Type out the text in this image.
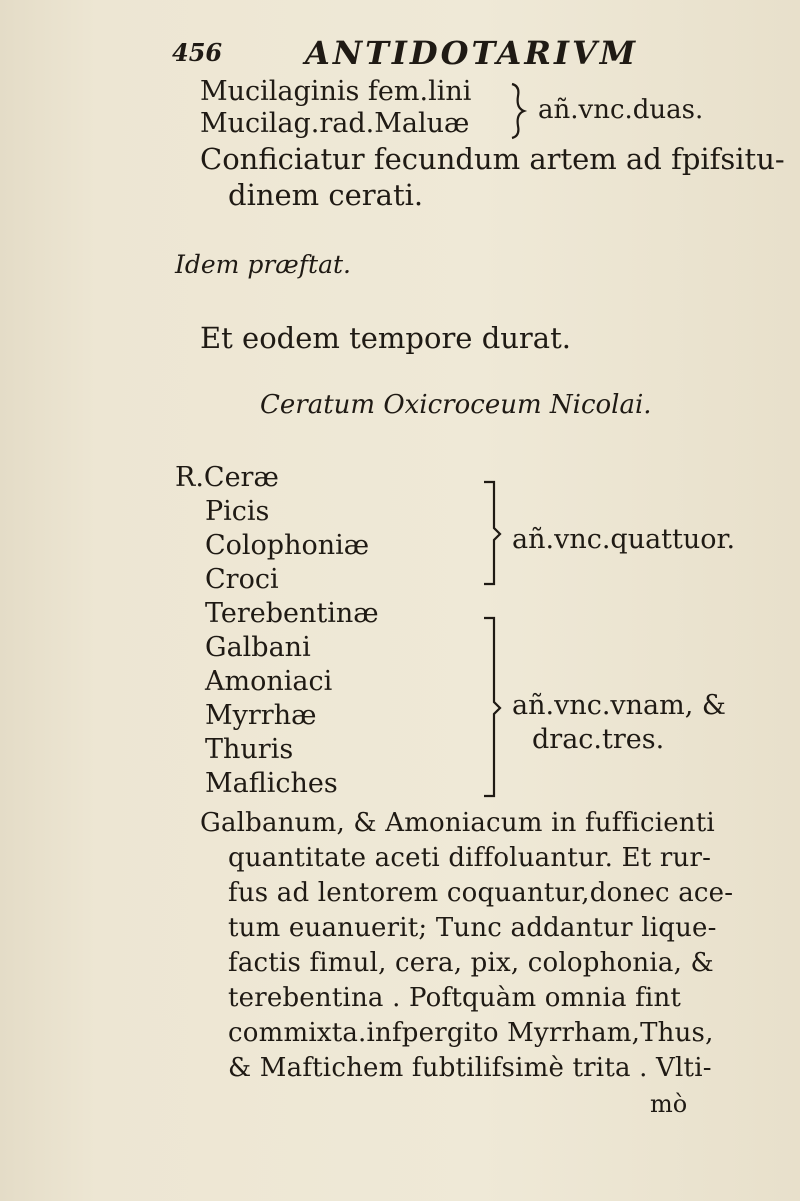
456	ANTIDOTARIVM
Mucilaginis fem.lini
Mucilag.rad.Maluæ	añ.vnc.duas.
Conficiatur fecundum artem ad fpifsitu-
dinem cerati.
Idem præftat.
Et eodem tempore durat.
Ceratum Oxicroceum Nicolai.
R.Ceræ
Picis
Colophoniæ
Croci
añ.vnc.quattuor.
Terebentinæ
Galbani
Amoniaci
Myrrhæ
Thuris
Mafliches
añ.vnc.vnam, &
drac.tres.
Galbanum, & Amoniacum in fufficienti
quantitate aceti diffoluantur. Et rur-
fus ad lentorem coquantur,donec ace-
tum euanuerit; Tunc addantur lique-
factis fimul, cera, pix, colophonia, &
terebentina . Poftquàm omnia fint
commixta.infpergito Myrrham,Thus,
& Maftichem fubtilifsimè trita . Vlti-
mò
